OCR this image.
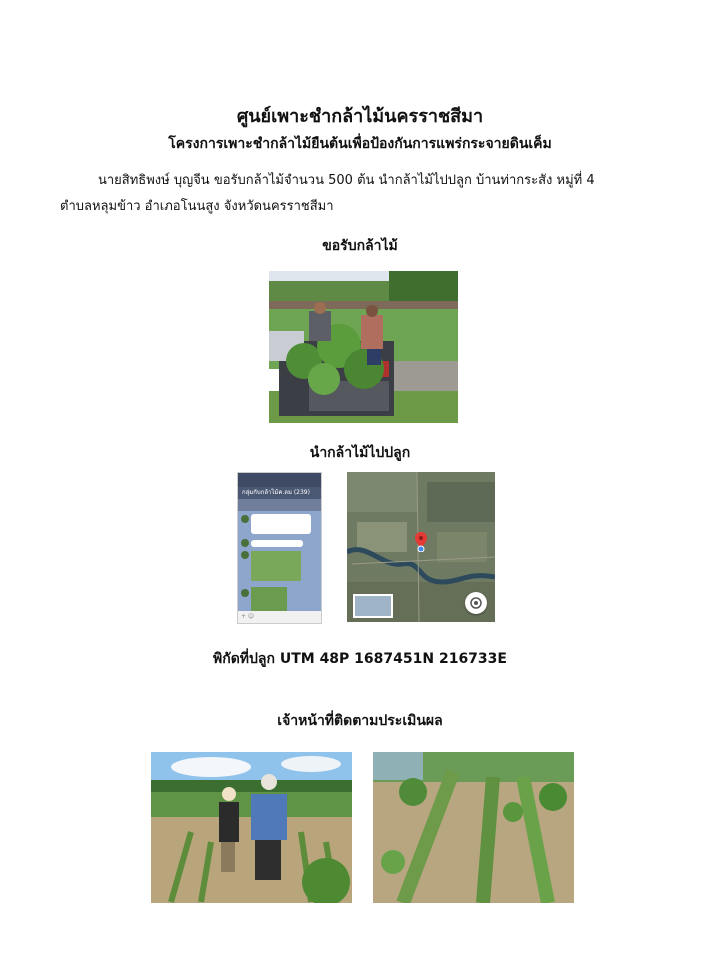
ศูนย์เพาะชำกล้าไม้นครราชสีมา
โครงการเพาะชำกล้าไม้ยืนต้นเพื่อป้องกันการแพร่กระจายดินเค็ม
นายสิทธิพงษ์ บุญจีน ขอรับกล้าไม้จำนวน 500 ต้น นำกล้าไม้ไปปลูก บ้านท่ากระสัง หมู่ที่ 4
ตำบลหลุมข้าว อำเภอโนนสูง จังหวัดนครราชสีมา
ขอรับกล้าไม้
นำกล้าไม้ไปปลูก
กลุ่มกับกล้าไม้ค.ลม (239)
+ ☺
พิกัดที่ปลูก UTM 48P 1687451N 216733E
เจ้าหน้าที่ติดตามประเมินผล
